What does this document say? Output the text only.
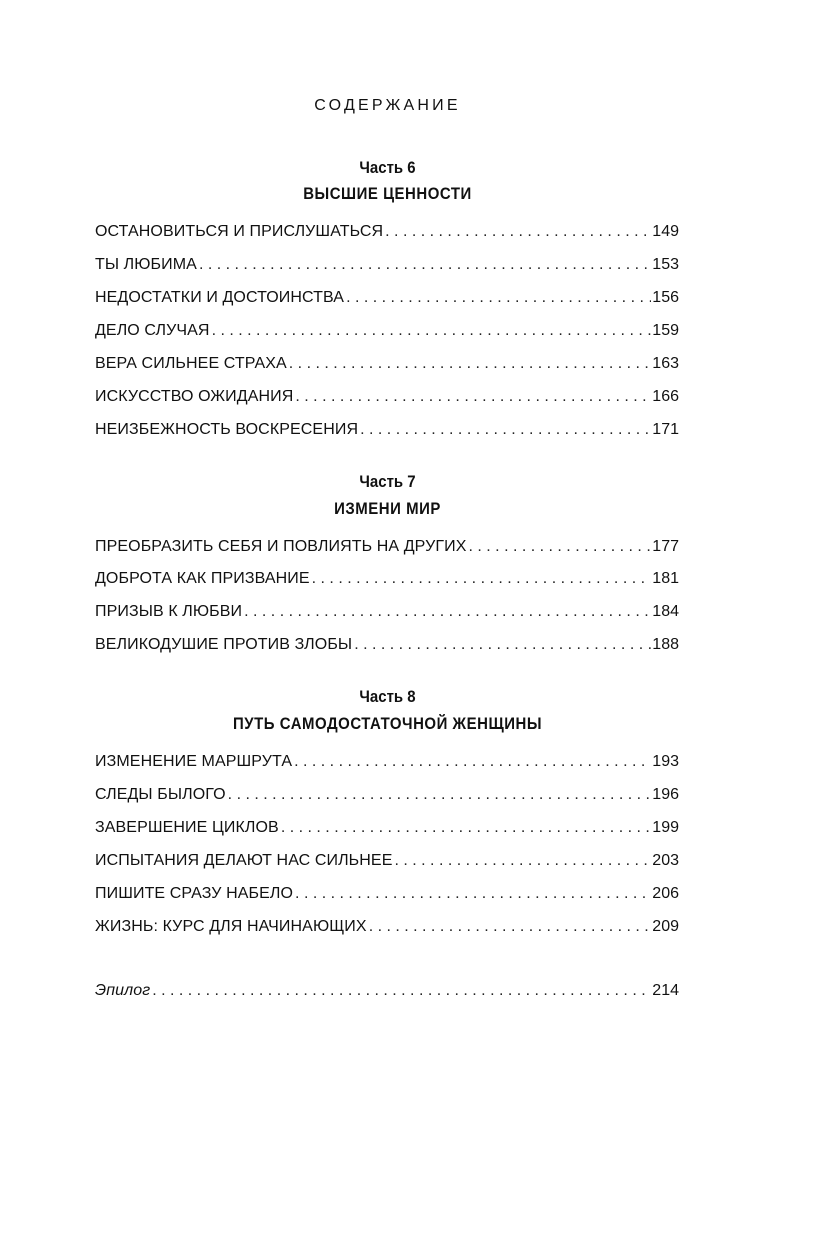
СОДЕРЖАНИЕ
Часть 6
ВЫСШИЕ ЦЕННОСТИ
ОСТАНОВИТЬСЯ И ПРИСЛУШАТЬСЯ . . .	149
ТЫ ЛЮБИМА . . .	153
НЕДОСТАТКИ И ДОСТОИНСТВА . . .	156
ДЕЛО СЛУЧАЯ . . .	159
ВЕРА СИЛЬНЕЕ СТРАХА . . .	163
ИСКУССТВО ОЖИДАНИЯ . . .	166
НЕИЗБЕЖНОСТЬ ВОСКРЕСЕНИЯ . . .	171
Часть 7
ИЗМЕНИ МИР
ПРЕОБРАЗИТЬ СЕБЯ И ПОВЛИЯТЬ НА ДРУГИХ . . .	177
ДОБРОТА КАК ПРИЗВАНИЕ . . .	181
ПРИЗЫВ К ЛЮБВИ . . .	184
ВЕЛИКОДУШИЕ ПРОТИВ ЗЛОБЫ . . .	188
Часть 8
ПУТЬ САМОДОСТАТОЧНОЙ ЖЕНЩИНЫ
ИЗМЕНЕНИЕ МАРШРУТА . . .	193
СЛЕДЫ БЫЛОГО . . .	196
ЗАВЕРШЕНИЕ ЦИКЛОВ . . .	199
ИСПЫТАНИЯ ДЕЛАЮТ НАС СИЛЬНЕЕ . . .	203
ПИШИТЕ СРАЗУ НАБЕЛО . . .	206
ЖИЗНЬ: КУРС ДЛЯ НАЧИНАЮЩИХ . . .	209
Эпилог . . .	214
